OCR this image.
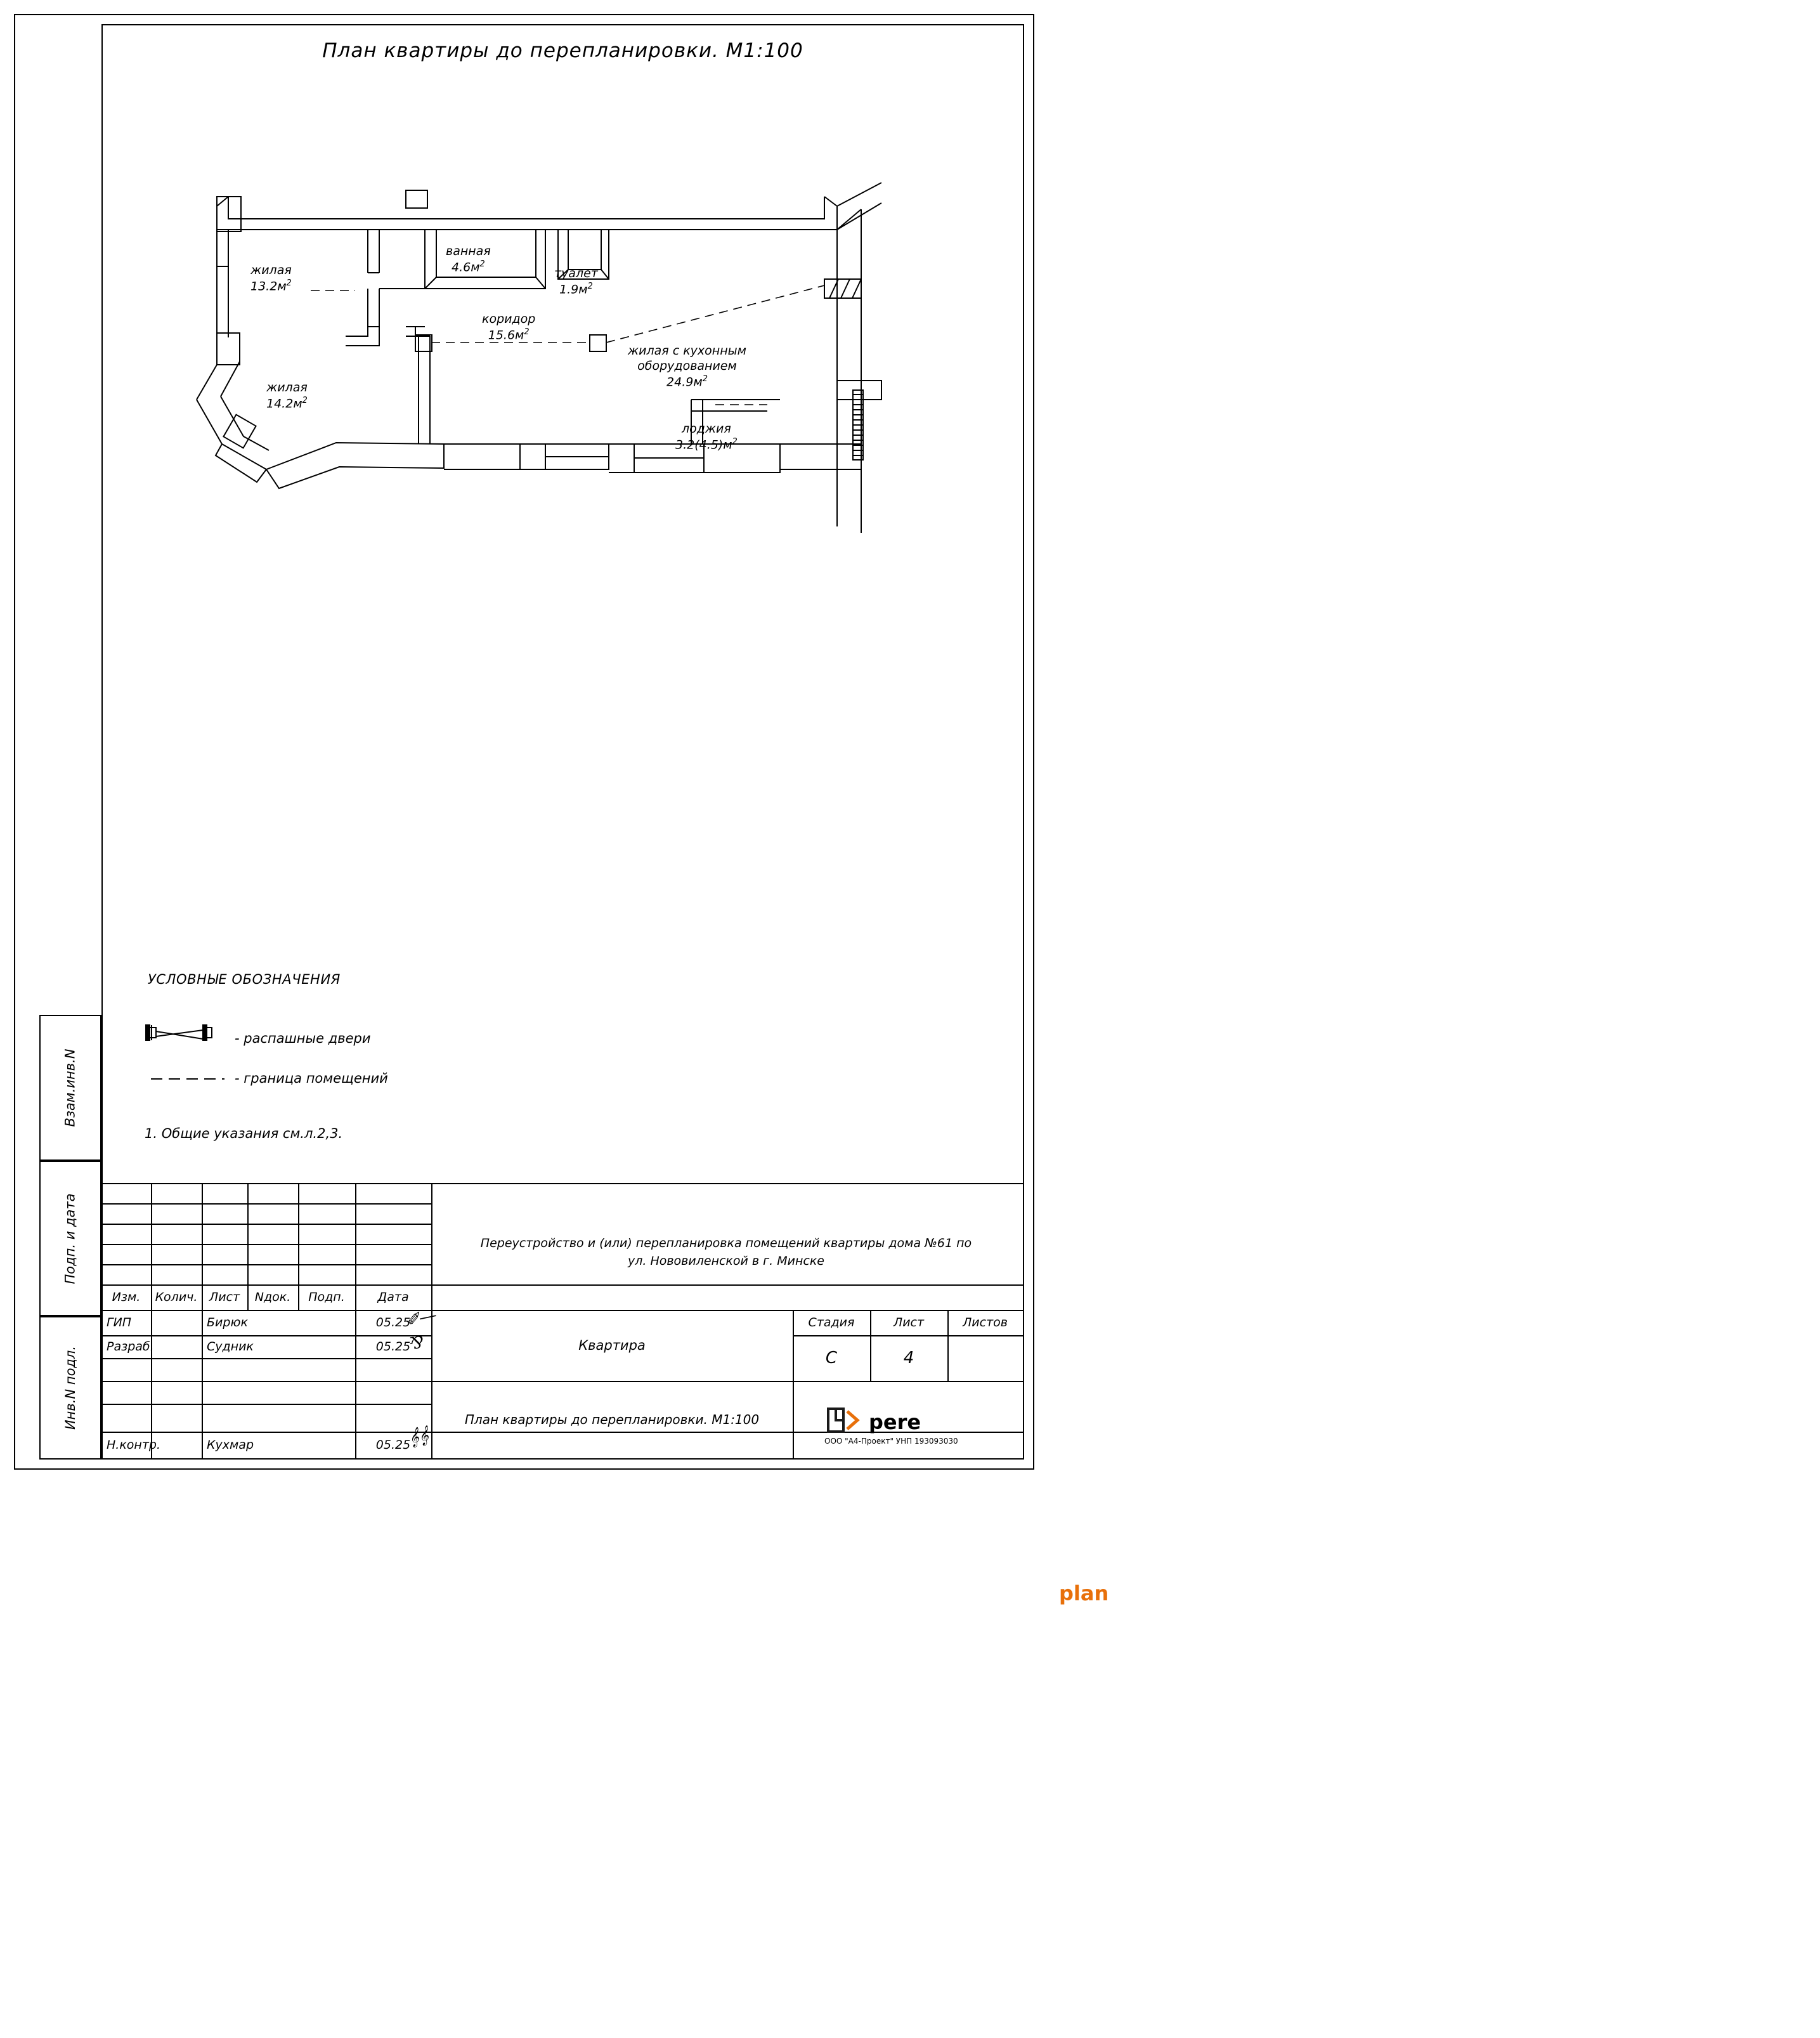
План квартиры до перепланировки. М1:100
Взам.инв.N
Подп. и дата
Инв.N подл.
жилая
$13.2м^2$
ванная
$4.6м^2$
туалет
$1.9м^2$
коридор
$15.6м^2$
жилая с кухонным
оборудованием
$24.9м^2$
жилая
$14.2м^2$
лоджия
$3.2(4.5)м^2$
УСЛОВНЫЕ ОБОЗНАЧЕНИЯ
- распашные двери
- граница помещений
1. Общие указания см.л.2,3.
Изм.	Колич. Лист	Nдок.	Подп.	Дата
ГИП	Бирюк	05.25
Разраб.	Судник	05.25
Н.контр.	Кухмар	05.25
Переустройство и (или) перепланировка помещений квартиры дома №61 по
ул. Нововиленской в г. Минске
Квартира
Стадия	Лист	Листов
С	4
План квартиры до перепланировки. М1:100
✐―
⅋
𝄞𝄞
pere
plan
ООО "А4-Проект" УНП 193093030
